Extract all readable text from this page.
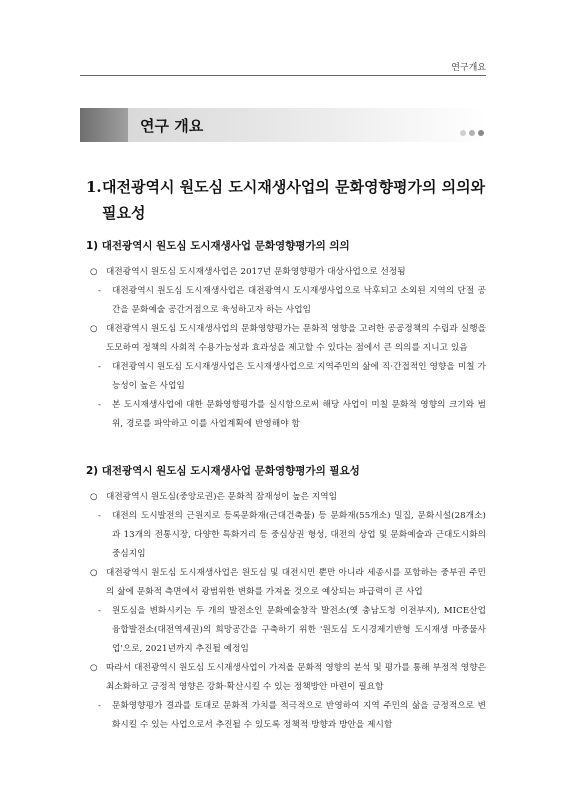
연구개요
연구 개요
1.대전광역시 원도심 도시재생사업의 문화영향평가의 의의와
필요성
1) 대전광역시 원도심 도시재생사업 문화영향평가의 의의
○ 대전광역시 원도심 도시재생사업은 2017년 문화영향평가 대상사업으로 선정됨
-	대전광역시 원도심 도시재생사업은 대전광역시 도시재생사업으로 낙후되고 소외된 지역의 단절 공간을 문화예술 공간거점으로 육성하고자 하는 사업임
○ 대전광역시 원도심 도시재생사업의 문화영향평가는 문화적 영향을 고려한 공공정책의 수립과 실행을 도모하여 정책의 사회적 수용가능성과 효과성을 제고할 수 있다는 점에서 큰 의의를 지니고 있음
-	대전광역시 원도심 도시재생사업은 도시재생사업으로 지역주민의 삶에 직·간접적인 영향을 미칠 가능성이 높은 사업임
-	본 도시재생사업에 대한 문화영향평가를 실시함으로써 해당 사업이 미칠 문화적 영향의 크기와 범위, 경로를 파악하고 이를 사업계획에 반영해야 함
2) 대전광역시 원도심 도시재생사업 문화영향평가의 필요성
○ 대전광역시 원도심(중앙로권)은 문화적 잠재성이 높은 지역임
-	대전의 도시발전의 근원지로 등록문화재(근대건축물) 등 문화재(55개소) 밀집, 문화시설(28개소)과 13개의 전통시장, 다양한 특화거리 등 중심상권 형성, 대전의 상업 및 문화예술과 근대도시화의 중심지임
○ 대전광역시 원도심 도시재생사업은 원도심 및 대전시민 뿐만 아니라 세종시를 포함하는 중부권 주민의 삶에 문화적 측면에서 광범위한 변화를 가져올 것으로 예상되는 파급력이 큰 사업
-	원도심을 변화시키는 두 개의 발전소인 문화예술창작 발전소(옛 충남도청 이전부지), MICE산업 융합발전소(대전역세권)의 희망공간을 구축하기 위한 '원도심 도시경제기반형 도시재생 마중물사업'으로, 2021년까지 추진될 예정임
○ 따라서 대전광역시 원도심 도시재생사업이 가져올 문화적 영향의 분석 및 평가를 통해 부정적 영향은 최소화하고 긍정적 영향은 강화·확산시킬 수 있는 정책방안 마련이 필요함
-	문화영향평가 결과를 토대로 문화적 가치를 적극적으로 반영하여 지역 주민의 삶을 긍정적으로 변화시킬 수 있는 사업으로서 추진될 수 있도록 정책적 방향과 방안을 제시함
